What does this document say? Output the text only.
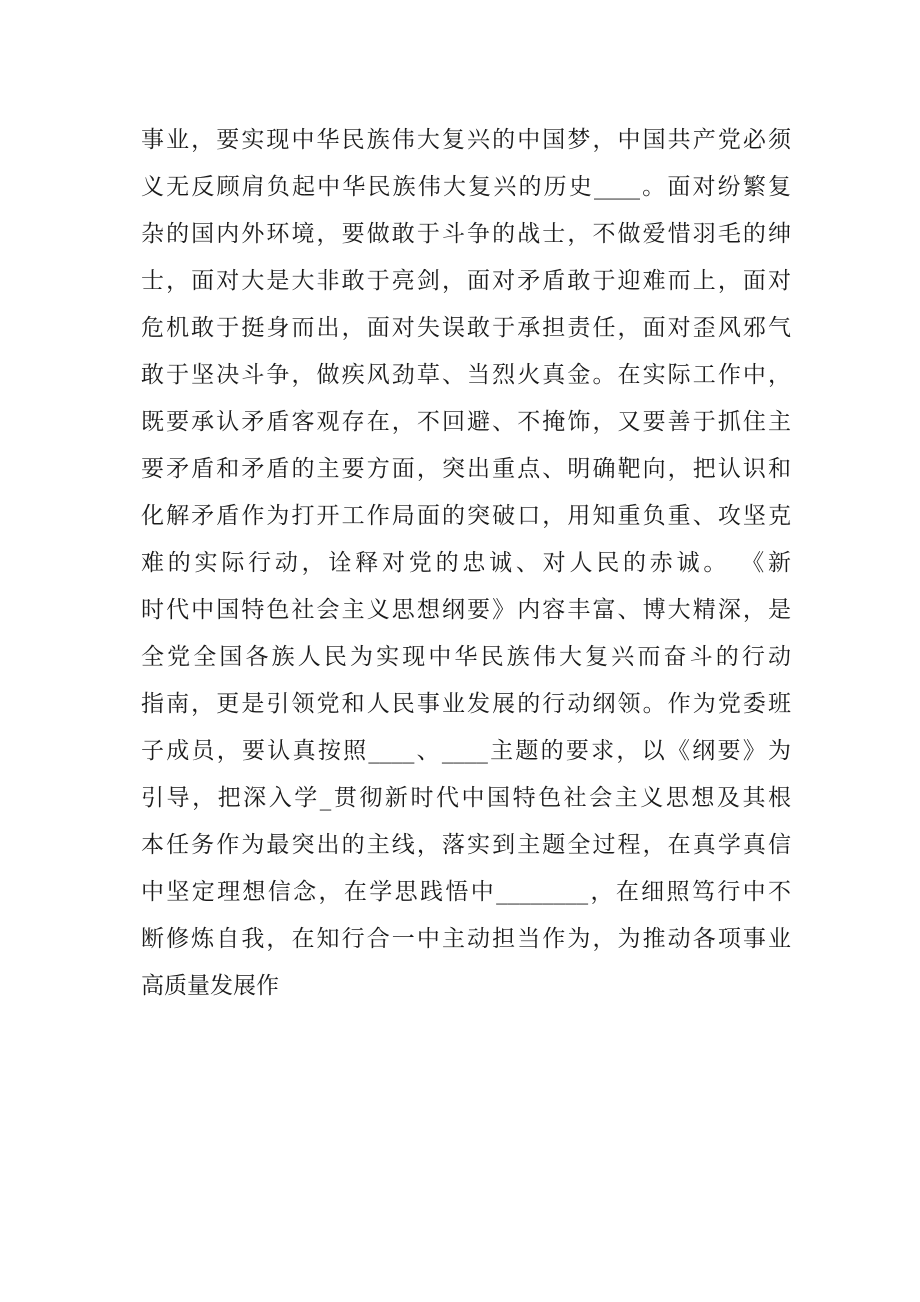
事业，要实现中华民族伟大复兴的中国梦，中国共产党必须
义无反顾肩负起中华民族伟大复兴的历史____。面对纷繁复
杂的国内外环境，要做敢于斗争的战士，不做爱惜羽毛的绅
士，面对大是大非敢于亮剑，面对矛盾敢于迎难而上，面对
危机敢于挺身而出，面对失误敢于承担责任，面对歪风邪气
敢于坚决斗争，做疾风劲草、当烈火真金。在实际工作中，
既要承认矛盾客观存在，不回避、不掩饰，又要善于抓住主
要矛盾和矛盾的主要方面，突出重点、明确靶向，把认识和
化解矛盾作为打开工作局面的突破口，用知重负重、攻坚克
难的实际行动，诠释对党的忠诚、对人民的赤诚。 《新
时代中国特色社会主义思想纲要》内容丰富、博大精深，是
全党全国各族人民为实现中华民族伟大复兴而奋斗的行动
指南，更是引领党和人民事业发展的行动纲领。作为党委班
子成员，要认真按照____、____主题的要求，以《纲要》为
引导，把深入学_贯彻新时代中国特色社会主义思想及其根
本任务作为最突出的主线，落实到主题全过程，在真学真信
中坚定理想信念，在学思践悟中________，在细照笃行中不
断修炼自我，在知行合一中主动担当作为，为推动各项事业
高质量发展作
